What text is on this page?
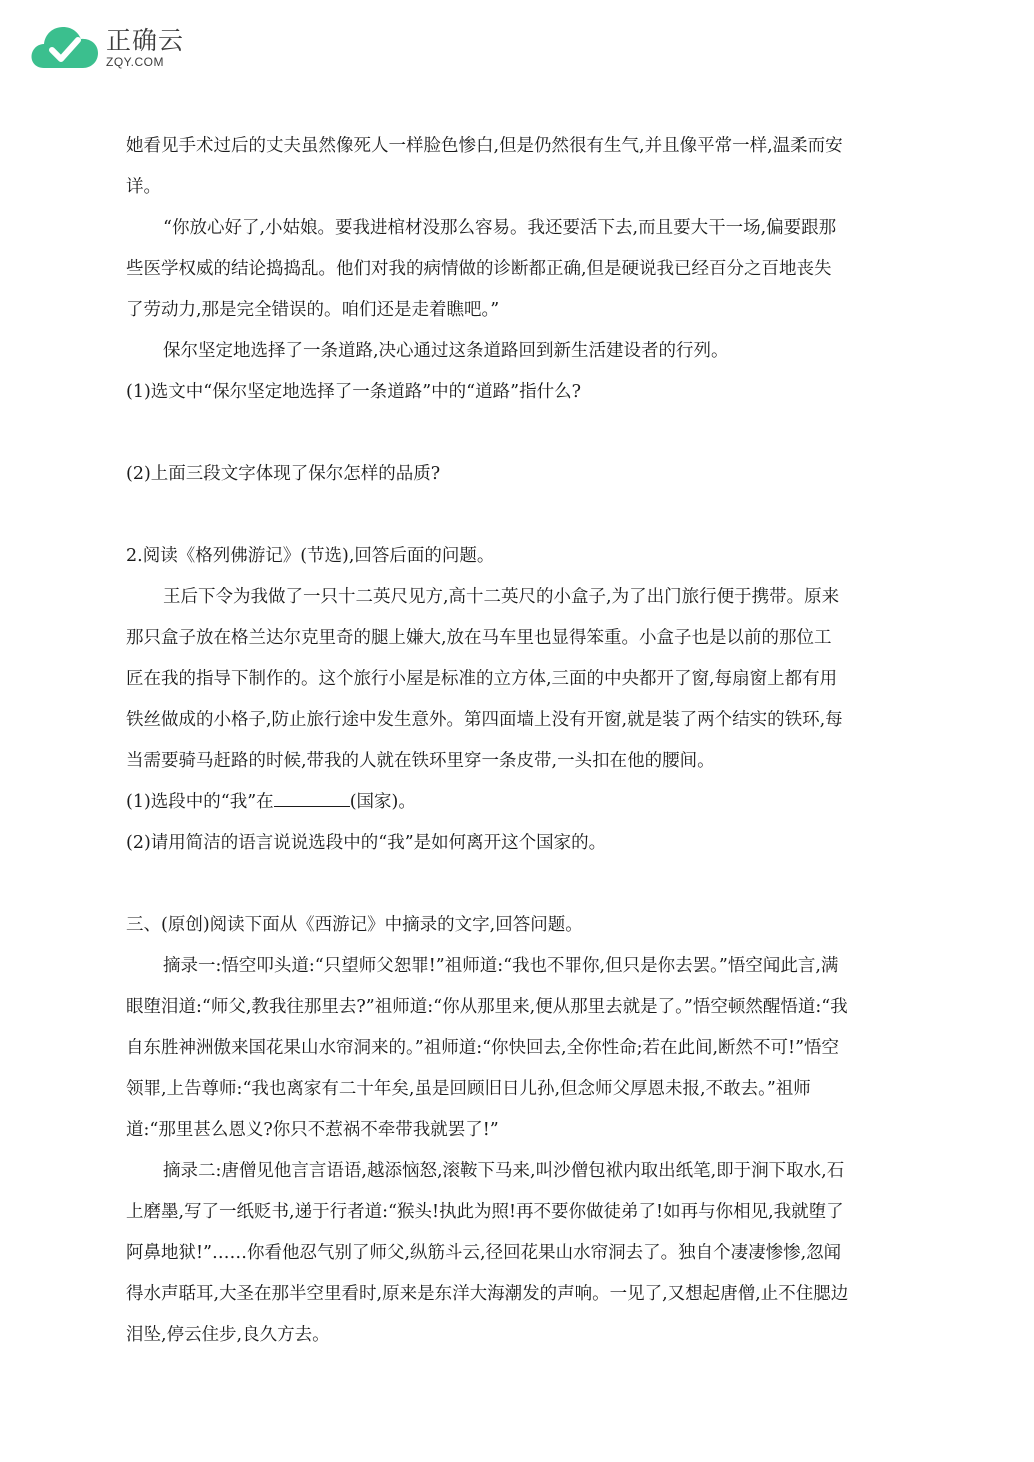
正确云
ZQY.COM
她看见手术过后的丈夫虽然像死人一样脸色惨白,但是仍然很有生气,并且像平常一样,温柔而安
详。
“你放心好了,小姑娘。要我进棺材没那么容易。我还要活下去,而且要大干一场,偏要跟那
些医学权威的结论捣捣乱。他们对我的病情做的诊断都正确,但是硬说我已经百分之百地丧失
了劳动力,那是完全错误的。咱们还是走着瞧吧。”
保尔坚定地选择了一条道路,决心通过这条道路回到新生活建设者的行列。
(1)选文中“保尔坚定地选择了一条道路”中的“道路”指什么?
(2)上面三段文字体现了保尔怎样的品质?
2.阅读《格列佛游记》(节选),回答后面的问题。
王后下令为我做了一只十二英尺见方,高十二英尺的小盒子,为了出门旅行便于携带。原来
那只盒子放在格兰达尔克里奇的腿上嫌大,放在马车里也显得笨重。小盒子也是以前的那位工
匠在我的指导下制作的。这个旅行小屋是标准的立方体,三面的中央都开了窗,每扇窗上都有用
铁丝做成的小格子,防止旅行途中发生意外。第四面墙上没有开窗,就是装了两个结实的铁环,每
当需要骑马赶路的时候,带我的人就在铁环里穿一条皮带,一头扣在他的腰间。
(1)选段中的“我”在	(国家)。
(2)请用简洁的语言说说选段中的“我”是如何离开这个国家的。
三、(原创)阅读下面从《西游记》中摘录的文字,回答问题。
摘录一:悟空叩头道:“只望师父恕罪!”祖师道:“我也不罪你,但只是你去罢。”悟空闻此言,满
眼堕泪道:“师父,教我往那里去?”祖师道:“你从那里来,便从那里去就是了。”悟空顿然醒悟道:“我
自东胜神洲傲来国花果山水帘洞来的。”祖师道:“你快回去,全你性命;若在此间,断然不可!”悟空
领罪,上告尊师:“我也离家有二十年矣,虽是回顾旧日儿孙,但念师父厚恩未报,不敢去。”祖师
道:“那里甚么恩义?你只不惹祸不牵带我就罢了!”
摘录二:唐僧见他言言语语,越添恼怒,滚鞍下马来,叫沙僧包袱内取出纸笔,即于涧下取水,石
上磨墨,写了一纸贬书,递于行者道:“猴头!执此为照!再不要你做徒弟了!如再与你相见,我就堕了
阿鼻地狱!”……你看他忍气别了师父,纵筋斗云,径回花果山水帘洞去了。独自个凄凄惨惨,忽闻
得水声聒耳,大圣在那半空里看时,原来是东洋大海潮发的声响。一见了,又想起唐僧,止不住腮边
泪坠,停云住步,良久方去。
